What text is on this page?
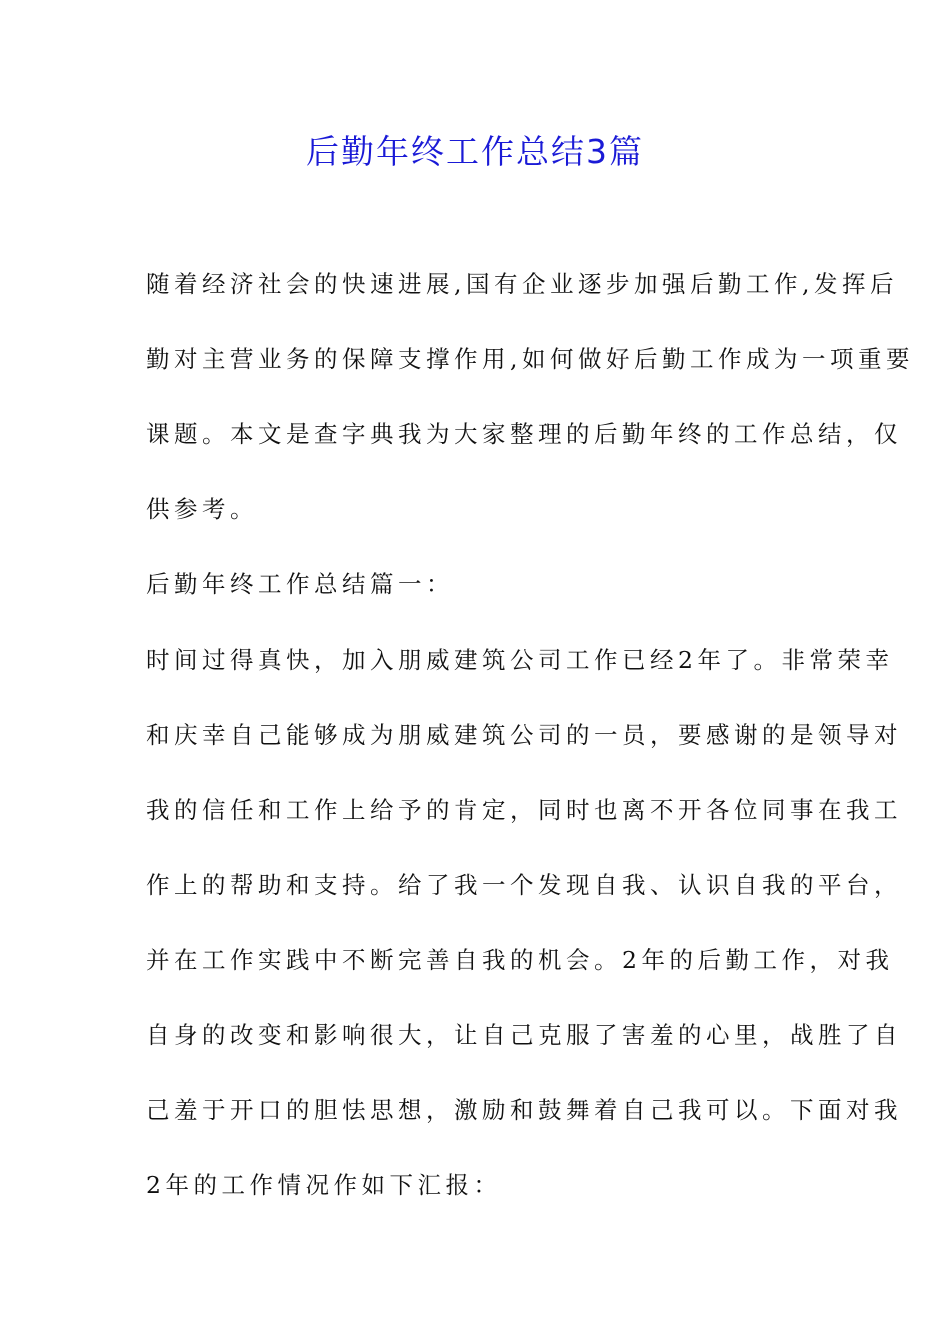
后勤年终工作总结3篇
随着经济社会的快速进展,国有企业逐步加强后勤工作,发挥后
勤对主营业务的保障支撑作用,如何做好后勤工作成为一项重要
课题。本文是查字典我为大家整理的后勤年终的工作总结，仅
供参考。
后勤年终工作总结篇一：
时间过得真快，加入朋威建筑公司工作已经2年了。非常荣幸
和庆幸自己能够成为朋威建筑公司的一员，要感谢的是领导对
我的信任和工作上给予的肯定，同时也离不开各位同事在我工
作上的帮助和支持。给了我一个发现自我、认识自我的平台，
并在工作实践中不断完善自我的机会。2年的后勤工作，对我
自身的改变和影响很大，让自己克服了害羞的心里，战胜了自
己羞于开口的胆怯思想，激励和鼓舞着自己我可以。下面对我
2年的工作情况作如下汇报：
